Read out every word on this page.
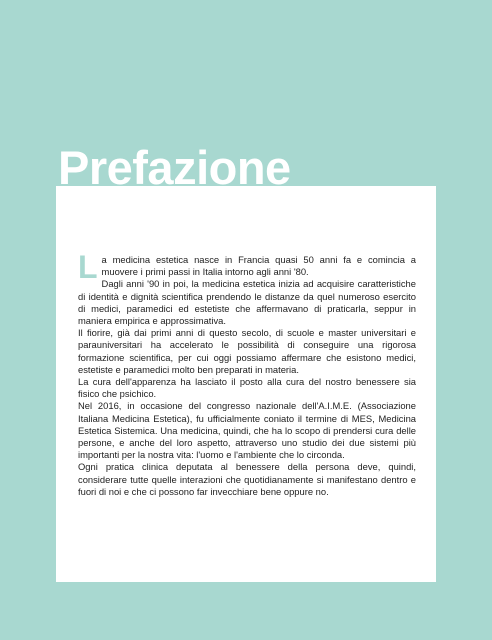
Prefazione

La medicina estetica nasce in Francia quasi 50 anni fa e comincia a muovere i primi passi in Italia intorno agli anni '80.

Dagli anni '90 in poi, la medicina estetica inizia ad acquisire caratteristiche di identità e dignità scientifica prendendo le distanze da quel numeroso esercito di medici, paramedici ed estetiste che affermavano di praticarla, seppur in maniera empirica e approssimativa.

Il fiorire, già dai primi anni di questo secolo, di scuole e master universitari e parauniversitari ha accelerato le possibilità di conseguire una rigorosa formazione scientifica, per cui oggi possiamo affermare che esistono medici, estetiste e paramedici molto ben preparati in materia.

La cura dell'apparenza ha lasciato il posto alla cura del nostro benessere sia fisico che psichico.

Nel 2016, in occasione del congresso nazionale dell'A.I.M.E. (Associazione Italiana Medicina Estetica), fu ufficialmente coniato il termine di MES, Medicina Estetica Sistemica. Una medicina, quindi, che ha lo scopo di prendersi cura delle persone, e anche del loro aspetto, attraverso uno studio dei due sistemi più importanti per la nostra vita: l'uomo e l'ambiente che lo circonda.

Ogni pratica clinica deputata al benessere della persona deve, quindi, considerare tutte quelle interazioni che quotidianamente si manifestano dentro e fuori di noi e che ci possono far invecchiare bene oppure no.
